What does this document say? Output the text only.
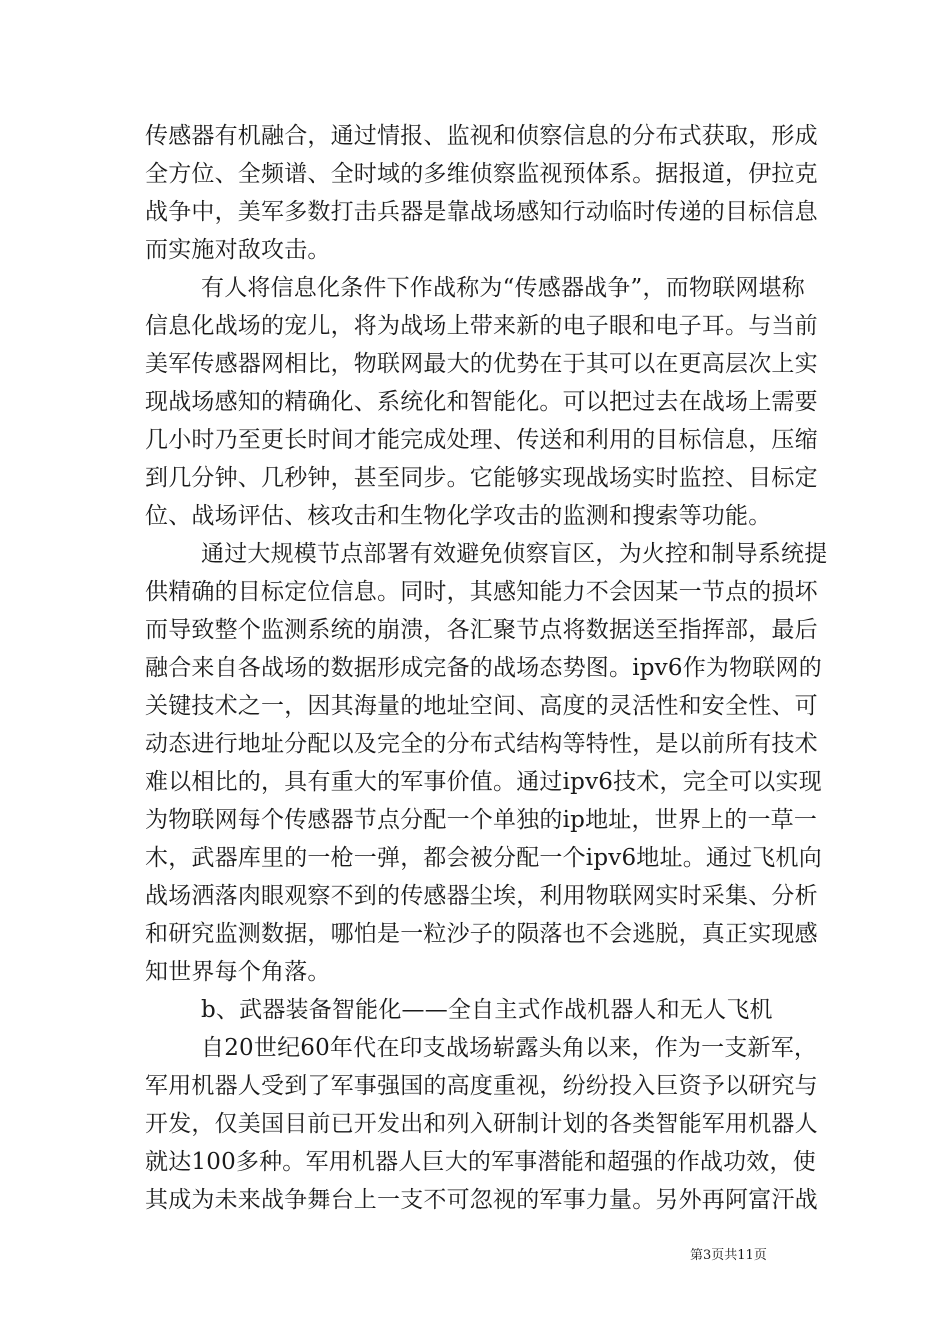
传感器有机融合，通过情报、监视和侦察信息的分布式获取，形成
全方位、全频谱、全时域的多维侦察监视预体系。据报道，伊拉克
战争中，美军多数打击兵器是靠战场感知行动临时传递的目标信息
而实施对敌攻击。
有人将信息化条件下作战称为“传感器战争”，而物联网堪称
信息化战场的宠儿，将为战场上带来新的电子眼和电子耳。与当前
美军传感器网相比，物联网最大的优势在于其可以在更高层次上实
现战场感知的精确化、系统化和智能化。可以把过去在战场上需要
几小时乃至更长时间才能完成处理、传送和利用的目标信息，压缩
到几分钟、几秒钟，甚至同步。它能够实现战场实时监控、目标定
位、战场评估、核攻击和生物化学攻击的监测和搜索等功能。
通过大规模节点部署有效避免侦察盲区，为火控和制导系统提
供精确的目标定位信息。同时，其感知能力不会因某一节点的损坏
而导致整个监测系统的崩溃，各汇聚节点将数据送至指挥部，最后
融合来自各战场的数据形成完备的战场态势图。ipv6作为物联网的
关键技术之一，因其海量的地址空间、高度的灵活性和安全性、可
动态进行地址分配以及完全的分布式结构等特性，是以前所有技术
难以相比的，具有重大的军事价值。通过ipv6技术，完全可以实现
为物联网每个传感器节点分配一个单独的ip地址，世界上的一草一
木，武器库里的一枪一弹，都会被分配一个ipv6地址。通过飞机向
战场洒落肉眼观察不到的传感器尘埃，利用物联网实时采集、分析
和研究监测数据，哪怕是一粒沙子的陨落也不会逃脱，真正实现感
知世界每个角落。
b、武器装备智能化——全自主式作战机器人和无人飞机
自20世纪60年代在印支战场崭露头角以来，作为一支新军，
军用机器人受到了军事强国的高度重视，纷纷投入巨资予以研究与
开发，仅美国目前已开发出和列入研制计划的各类智能军用机器人
就达100多种。军用机器人巨大的军事潜能和超强的作战功效，使
其成为未来战争舞台上一支不可忽视的军事力量。另外再阿富汗战
第3页共11页
